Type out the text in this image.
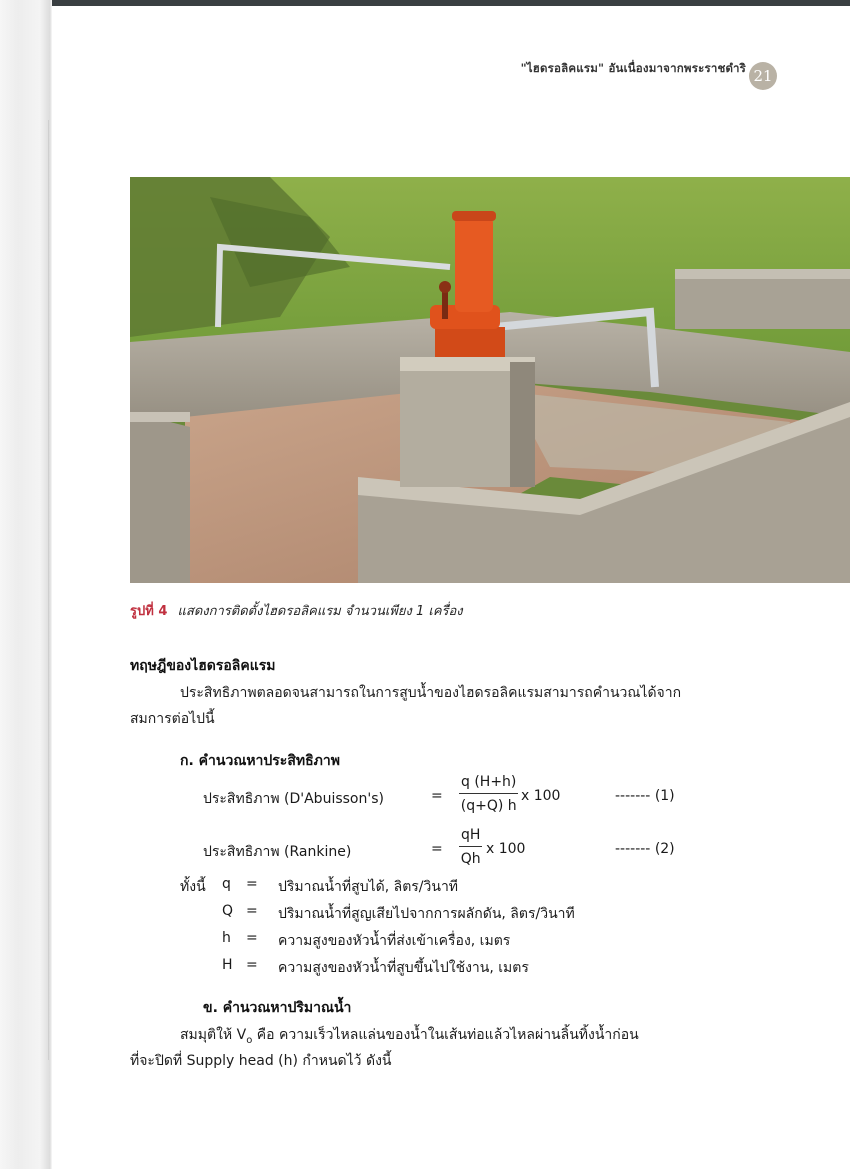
"ไฮดรอลิคแรม" อันเนื่องมาจากพระราชดำริ 21
รูปที่ 4 แสดงการติดตั้งไฮดรอลิคแรม จำนวนเพียง 1 เครื่อง
ทฤษฎีของไฮดรอลิคแรม
ประสิทธิภาพตลอดจนสามารถในการสูบน้ำของไฮดรอลิคแรมสามารถคำนวณได้จาก
สมการต่อไปนี้
ก. คำนวณหาประสิทธิภาพ
ประสิทธิภาพ (D'Abuisson's)	= $\frac{q (H+h)}{(q+Q) h}$ x 100	------- (1)
ประสิทธิภาพ (Rankine)	= $\frac{qH}{Qh}$ x 100	------- (2)
ทั้งนี้ q = ปริมาณน้ำที่สูบได้, ลิตร/วินาที
Q = ปริมาณน้ำที่สูญเสียไปจากการผลักดัน, ลิตร/วินาที
h = ความสูงของหัวน้ำที่ส่งเข้าเครื่อง, เมตร
H = ความสูงของหัวน้ำที่สูบขึ้นไปใช้งาน, เมตร
ข. คำนวณหาปริมาณน้ำ
สมมุติให้ $V_o$ คือ ความเร็วไหลแล่นของน้ำในเส้นท่อแล้วไหลผ่านลิ้นทิ้งน้ำก่อน
ที่จะปิดที่ Supply head (h) กำหนดไว้ ดังนี้
